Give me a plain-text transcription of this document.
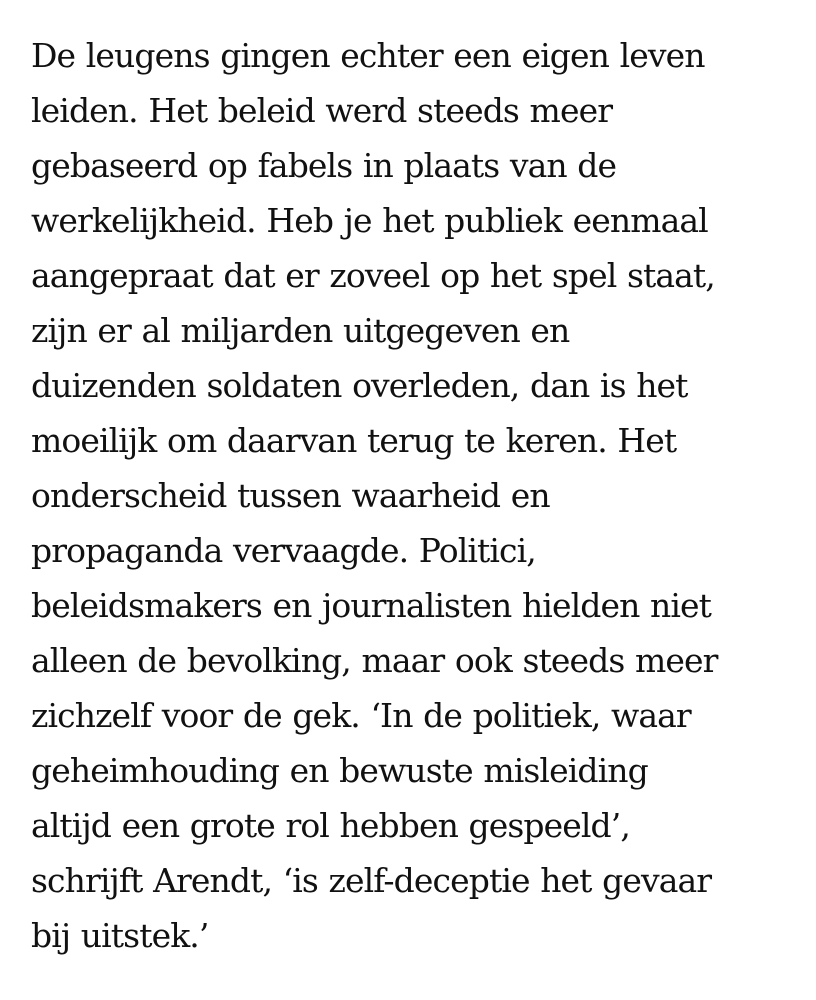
De leugens gingen echter een eigen leven
leiden. Het beleid werd steeds meer
gebaseerd op fabels in plaats van de
werkelijkheid. Heb je het publiek eenmaal
aangepraat dat er zoveel op het spel staat,
zijn er al miljarden uitgegeven en
duizenden soldaten overleden, dan is het
moeilijk om daarvan terug te keren. Het
onderscheid tussen waarheid en
propaganda vervaagde. Politici,
beleidsmakers en journalisten hielden niet
alleen de bevolking, maar ook steeds meer
zichzelf voor de gek. ‘In de politiek, waar
geheimhouding en bewuste misleiding
altijd een grote rol hebben gespeeld’,
schrijft Arendt, ‘is zelf-deceptie het gevaar
bij uitstek.’
